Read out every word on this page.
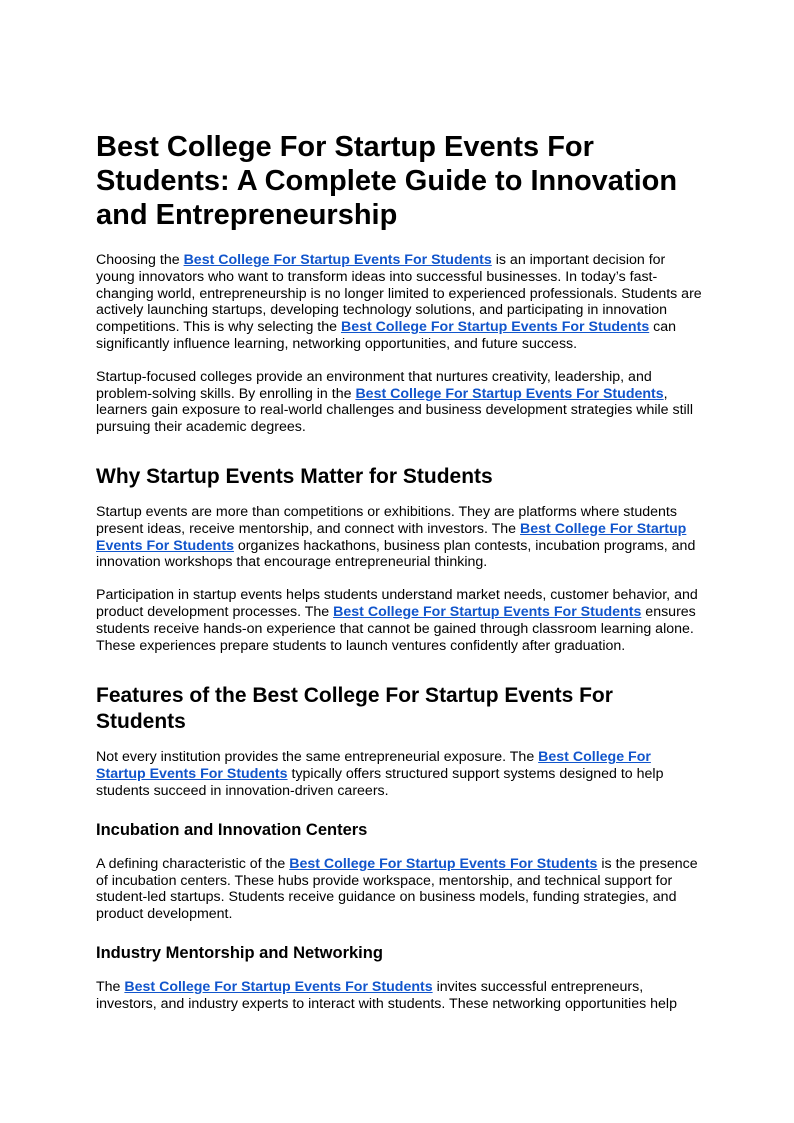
Best College For Startup Events For Students: A Complete Guide to Innovation and Entrepreneurship

Choosing the Best College For Startup Events For Students is an important decision for young innovators who want to transform ideas into successful businesses. In today’s fast-changing world, entrepreneurship is no longer limited to experienced professionals. Students are actively launching startups, developing technology solutions, and participating in innovation competitions. This is why selecting the Best College For Startup Events For Students can significantly influence learning, networking opportunities, and future success.

Startup-focused colleges provide an environment that nurtures creativity, leadership, and problem-solving skills. By enrolling in the Best College For Startup Events For Students, learners gain exposure to real-world challenges and business development strategies while still pursuing their academic degrees.

Why Startup Events Matter for Students

Startup events are more than competitions or exhibitions. They are platforms where students present ideas, receive mentorship, and connect with investors. The Best College For Startup Events For Students organizes hackathons, business plan contests, incubation programs, and innovation workshops that encourage entrepreneurial thinking.

Participation in startup events helps students understand market needs, customer behavior, and product development processes. The Best College For Startup Events For Students ensures students receive hands-on experience that cannot be gained through classroom learning alone. These experiences prepare students to launch ventures confidently after graduation.

Features of the Best College For Startup Events For Students

Not every institution provides the same entrepreneurial exposure. The Best College For Startup Events For Students typically offers structured support systems designed to help students succeed in innovation-driven careers.

Incubation and Innovation Centers

A defining characteristic of the Best College For Startup Events For Students is the presence of incubation centers. These hubs provide workspace, mentorship, and technical support for student-led startups. Students receive guidance on business models, funding strategies, and product development.

Industry Mentorship and Networking

The Best College For Startup Events For Students invites successful entrepreneurs, investors, and industry experts to interact with students. These networking opportunities help
